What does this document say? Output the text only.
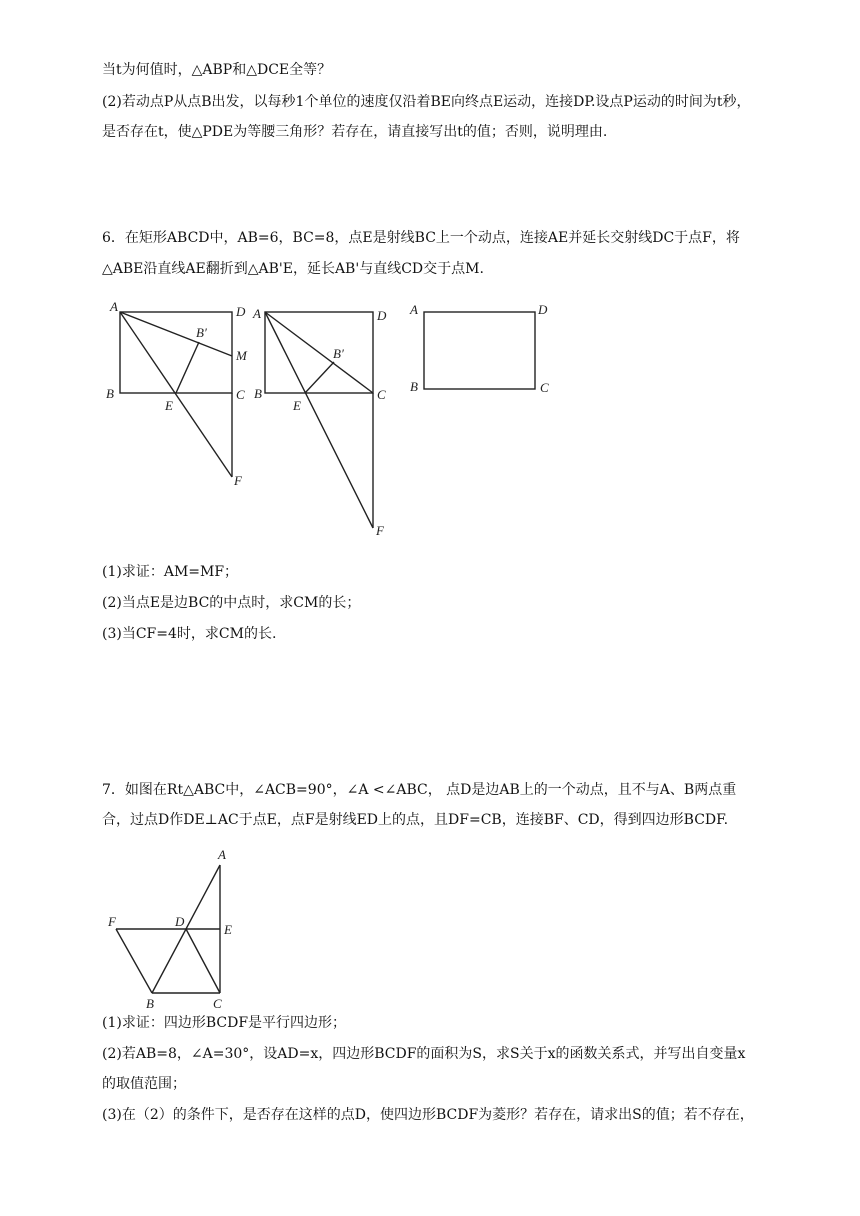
当t为何值时，△ABP和△DCE全等？
(2)若动点P从点B出发，以每秒1个单位的速度仅沿着BE向终点E运动，连接DP.设点P运动的时间为t秒，
是否存在t，使△PDE为等腰三角形？若存在，请直接写出t的值；否则，说明理由.
6．在矩形ABCD中，AB=6，BC=8，点E是射线BC上一个动点，连接AE并延长交射线DC于点F，将
△ABE沿直线AE翻折到△AB'E，延长AB'与直线CD交于点M.
(1)求证：AM=MF；
(2)当点E是边BC的中点时，求CM的长；
(3)当CF=4时，求CM的长.
7．如图在Rt△ABC中，∠ACB=90°，∠A <∠ABC， 点D是边AB上的一个动点，且不与A、B两点重
合，过点D作DE⊥AC于点E，点F是射线ED上的点，且DF=CB，连接BF、CD，得到四边形BCDF.
(1)求证：四边形BCDF是平行四边形；
(2)若AB=8，∠A=30°，设AD=x，四边形BCDF的面积为S，求S关于x的函数关系式，并写出自变量x
的取值范围；
(3)在（2）的条件下，是否存在这样的点D，使四边形BCDF为菱形？若存在，请求出S的值；若不存在，
A	D
B	C
E
F
B′
M
A	D
B	C
E
F
B′
A	D
B	C
A
F	D
E
B	C
